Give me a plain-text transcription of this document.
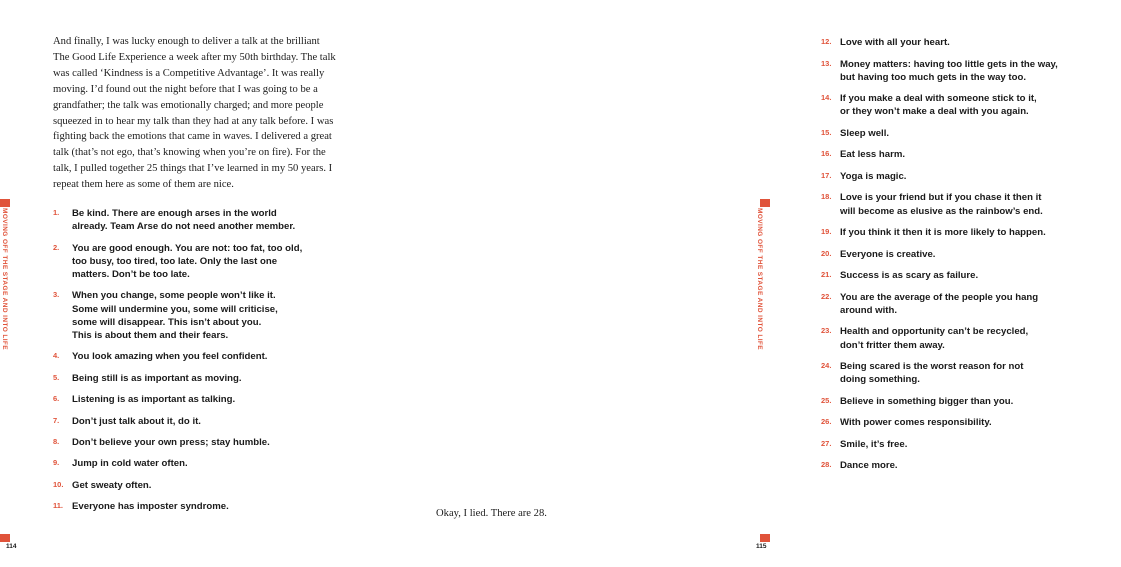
And finally, I was lucky enough to deliver a talk at the brilliant The Good Life Experience a week after my 50th birthday. The talk was called ‘Kindness is a Competitive Advantage’. It was really moving. I’d found out the night before that I was going to be a grandfather; the talk was emotionally charged; and more people squeezed in to hear my talk than they had at any talk before. I was fighting back the emotions that came in waves. I delivered a great talk (that’s not ego, that’s knowing when you’re on fire). For the talk, I pulled together 25 things that I’ve learned in my 50 years. I repeat them here as some of them are nice.

1. Be kind. There are enough arses in the world
already. Team Arse do not need another member.
2. You are good enough. You are not: too fat, too old,
too busy, too tired, too late. Only the last one
matters. Don’t be too late.
3. When you change, some people won’t like it.
Some will undermine you, some will criticise,
some will disappear. This isn’t about you.
This is about them and their fears.
4. You look amazing when you feel confident.
5. Being still is as important as moving.
6. Listening is as important as talking.
7. Don’t just talk about it, do it.
8. Don’t believe your own press; stay humble.
9. Jump in cold water often.
10. Get sweaty often.
11. Everyone has imposter syndrome.
12. Love with all your heart.
13. Money matters: having too little gets in the way,
but having too much gets in the way too.
14. If you make a deal with someone stick to it,
or they won’t make a deal with you again.
15. Sleep well.
16. Eat less harm.
17. Yoga is magic.
18. Love is your friend but if you chase it then it
will become as elusive as the rainbow’s end.
19. If you think it then it is more likely to happen.
20. Everyone is creative.
21. Success is as scary as failure.
22. You are the average of the people you hang
around with.
23. Health and opportunity can’t be recycled,
don’t fritter them away.
24. Being scared is the worst reason for not
doing something.
25. Believe in something bigger than you.
26. With power comes responsibility.
27. Smile, it’s free.
28. Dance more.

Okay, I lied. There are 28.

MOVING OFF THE STAGE AND INTO LIFE	MOVING OFF THE STAGE AND INTO LIFE
114	115
